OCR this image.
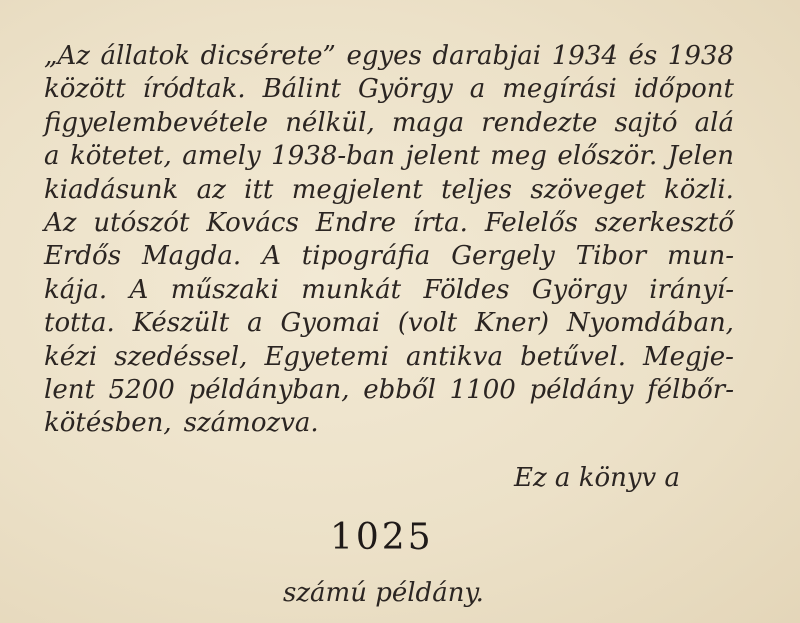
„Az állatok dicsérete” egyes darabjai 1934 és 1938
között íródtak. Bálint György a megírási időpont
figyelembevétele nélkül, maga rendezte sajtó alá
a kötetet, amely 1938-ban jelent meg először. Jelen
kiadásunk az itt megjelent teljes szöveget közli.
Az utószót Kovács Endre írta. Felelős szerkesztő
Erdős Magda. A tipográfia Gergely Tibor mun-
kája. A műszaki munkát Földes György irányí-
totta. Készült a Gyomai (volt Kner) Nyomdában,
kézi szedéssel, Egyetemi antikva betűvel. Megje-
lent 5200 példányban, ebből 1100 példány félbőr-
kötésben, számozva.
Ez a könyv a
1025
számú példány.
